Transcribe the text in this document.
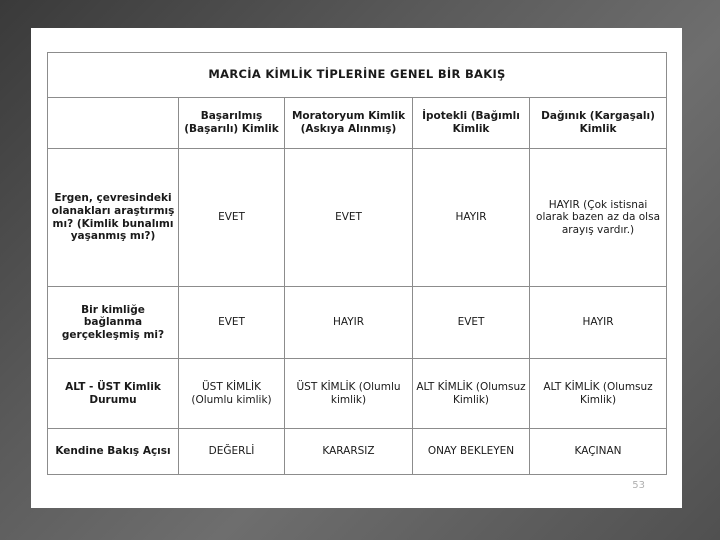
MARCİA KİMLİK TİPLERİNE GENEL BİR BAKIŞ				
	Başarılmış (Başarılı) Kimlik	Moratoryum Kimlik (Askıya Alınmış)	İpotekli (Bağımlı Kimlik	Dağınık (Kargaşalı) Kimlik
Ergen, çevresindeki olanakları araştırmış mı? (Kimlik bunalımı yaşanmış mı?)	EVET	EVET	HAYIR	HAYIR (Çok istisnai olarak bazen az da olsa arayış vardır.)
Bir kimliğe bağlanma gerçekleşmiş mi?	EVET	HAYIR	EVET	HAYIR
ALT - ÜST Kimlik Durumu	ÜST KİMLİK (Olumlu kimlik)	ÜST KİMLİK (Olumlu kimlik)	ALT KİMLİK (Olumsuz Kimlik)	ALT KİMLİK (Olumsuz Kimlik)
Kendine Bakış Açısı	DEĞERLİ	KARARSIZ	ONAY BEKLEYEN	KAÇINAN
53
